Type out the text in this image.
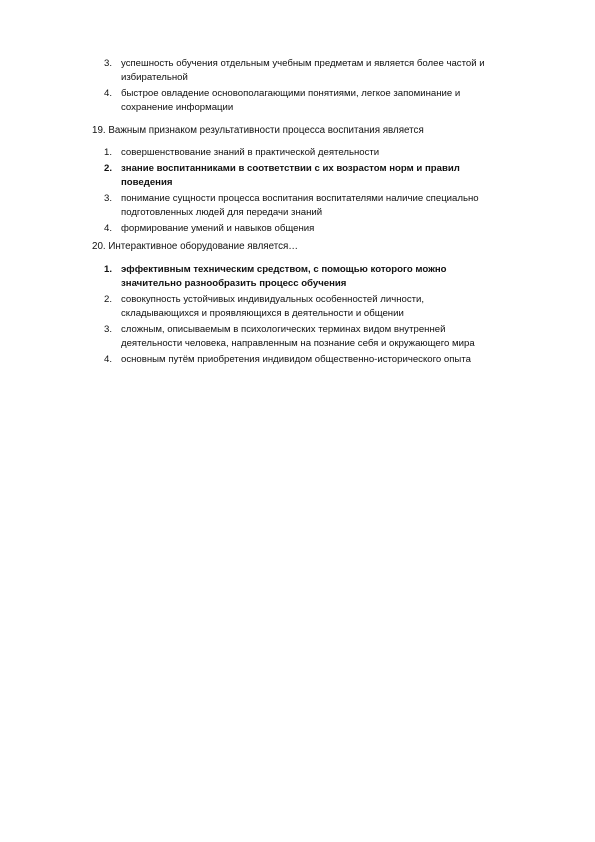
3. успешность обучения отдельным учебным предметам и является более частой и
избирательной
4. быстрое овладение основополагающими понятиями, легкое запоминание и
сохранение информации
19. Важным признаком результативности процесса воспитания является
1. совершенствование знаний в практической деятельности
2. знание воспитанниками в соответствии с их возрастом норм и правил
поведения
3. понимание сущности процесса воспитания воспитателями наличие специально
подготовленных людей для передачи знаний
4. формирование умений и навыков общения
20. Интерактивное оборудование является…
1. эффективным техническим средством, с помощью которого можно
значительно разнообразить процесс обучения
2. совокупность устойчивых индивидуальных особенностей личности,
складывающихся и проявляющихся в деятельности и общении
3. сложным, описываемым в психологических терминах видом внутренней
деятельности человека, направленным на познание себя и окружающего мира
4. основным путём приобретения индивидом общественно-исторического опыта
